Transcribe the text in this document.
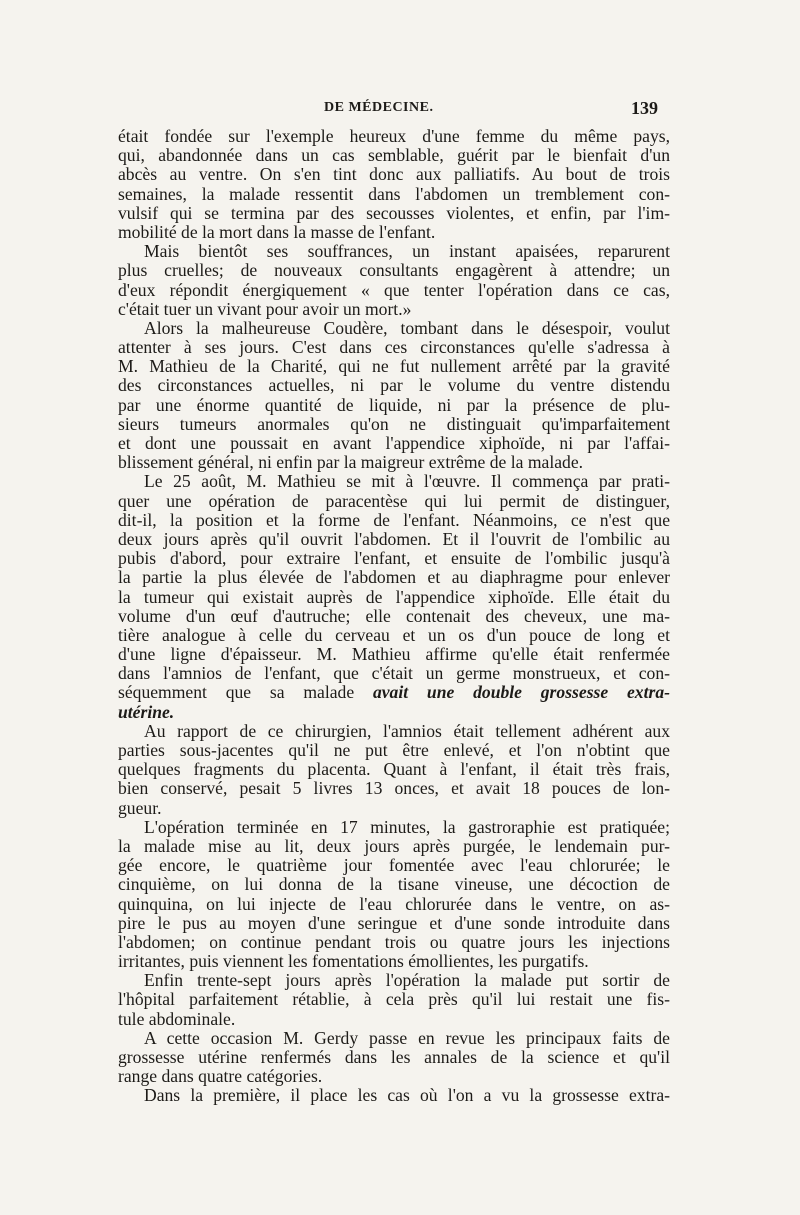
DE MÉDECINE.	139
était fondée sur l'exemple heureux d'une femme du même pays,
qui, abandonnée dans un cas semblable, guérit par le bienfait d'un
abcès au ventre. On s'en tint donc aux palliatifs. Au bout de trois
semaines, la malade ressentit dans l'abdomen un tremblement con-
vulsif qui se termina par des secousses violentes, et enfin, par l'im-
mobilité de la mort dans la masse de l'enfant.
Mais bientôt ses souffrances, un instant apaisées, reparurent
plus cruelles; de nouveaux consultants engagèrent à attendre; un
d'eux répondit énergiquement « que tenter l'opération dans ce cas,
c'était tuer un vivant pour avoir un mort.»
Alors la malheureuse Coudère, tombant dans le désespoir, voulut
attenter à ses jours. C'est dans ces circonstances qu'elle s'adressa à
M. Mathieu de la Charité, qui ne fut nullement arrêté par la gravité
des circonstances actuelles, ni par le volume du ventre distendu
par une énorme quantité de liquide, ni par la présence de plu-
sieurs tumeurs anormales qu'on ne distinguait qu'imparfaitement
et dont une poussait en avant l'appendice xiphoïde, ni par l'affai-
blissement général, ni enfin par la maigreur extrême de la malade.
Le 25 août, M. Mathieu se mit à l'œuvre. Il commença par prati-
quer une opération de paracentèse qui lui permit de distinguer,
dit-il, la position et la forme de l'enfant. Néanmoins, ce n'est que
deux jours après qu'il ouvrit l'abdomen. Et il l'ouvrit de l'ombilic au
pubis d'abord, pour extraire l'enfant, et ensuite de l'ombilic jusqu'à
la partie la plus élevée de l'abdomen et au diaphragme pour enlever
la tumeur qui existait auprès de l'appendice xiphoïde. Elle était du
volume d'un œuf d'autruche; elle contenait des cheveux, une ma-
tière analogue à celle du cerveau et un os d'un pouce de long et
d'une ligne d'épaisseur. M. Mathieu affirme qu'elle était renfermée
dans l'amnios de l'enfant, que c'était un germe monstrueux, et con-
séquemment que sa malade avait une double grossesse extra-
utérine.
Au rapport de ce chirurgien, l'amnios était tellement adhérent aux
parties sous-jacentes qu'il ne put être enlevé, et l'on n'obtint que
quelques fragments du placenta. Quant à l'enfant, il était très frais,
bien conservé, pesait 5 livres 13 onces, et avait 18 pouces de lon-
gueur.
L'opération terminée en 17 minutes, la gastroraphie est pratiquée;
la malade mise au lit, deux jours après purgée, le lendemain pur-
gée encore, le quatrième jour fomentée avec l'eau chlorurée; le
cinquième, on lui donna de la tisane vineuse, une décoction de
quinquina, on lui injecte de l'eau chlorurée dans le ventre, on as-
pire le pus au moyen d'une seringue et d'une sonde introduite dans
l'abdomen; on continue pendant trois ou quatre jours les injections
irritantes, puis viennent les fomentations émollientes, les purgatifs.
Enfin trente-sept jours après l'opération la malade put sortir de
l'hôpital parfaitement rétablie, à cela près qu'il lui restait une fis-
tule abdominale.
A cette occasion M. Gerdy passe en revue les principaux faits de
grossesse utérine renfermés dans les annales de la science et qu'il
range dans quatre catégories.
Dans la première, il place les cas où l'on a vu la grossesse extra-
